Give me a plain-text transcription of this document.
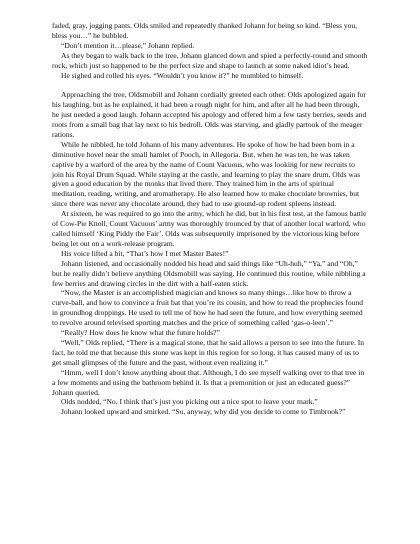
faded, gray, jogging pants. Olds smiled and repeatedly thanked Johann for being so kind. “Bless you, bless you…” he bubbled.

“Don’t mention it…please,” Johann replied.

As they began to walk back to the tree, Johann glanced down and spied a perfectly-round and smooth rock, which just so happened to be the perfect size and shape to launch at some naked idiot’s head.

He sighed and rolled his eyes. “Wouldn’t you know it?” he mumbled to himself.

Approaching the tree, Oldsmobill and Johann cordially greeted each other. Olds apologized again for his laughing, but as he explained, it had been a rough night for him, and after all he had been through, he just needed a good laugh. Johann accepted his apology and offered him a few tasty berries, seeds and roots from a small bag that lay next to his bedroll. Olds was starving, and gladly partook of the meager rations.

While he nibbled, he told Johann of his many adventures. He spoke of how he had been born in a diminutive hovel near the small hamlet of Pooch, in Allegoria. But, when he was ten, he was taken captive by a warlord of the area by the name of Count Vacuous, who was looking for new recruits to join his Royal Drum Squad. While staying at the castle, and learning to play the snare drum, Olds was given a good education by the monks that lived there. They trained him in the arts of spiritual meditation, reading, writing, and aromatherapy. He also learned how to make chocolate brownies, but since there was never any chocolate around, they had to use ground-up rodent spleens instead.

At sixteen, he was required to go into the army, which he did, but in his first test, at the famous battle of Cow-Pie Knoll, Count Vacuous’ army was thoroughly trounced by that of another local warlord, who called himself ‘King Piddy the Fair’. Olds was subsequently imprisoned by the victorious king before being let out on a work-release program.

His voice lifted a bit, “That’s how I met Master Bates!”

Johann listened, and occasionally nodded his head and said things like “Uh-huh,” “Ya,” and “Oh,” but he really didn’t believe anything Oldsmobill was saying. He continued this routine, while nibbling a few berries and drawing circles in the dirt with a half-eaten stick.

“Now, the Master is an accomplished magician and knows so many things…like how to throw a curve-ball, and how to convince a fruit bat that you’re its cousin, and how to read the prophecies found in groundhog droppings. He used to tell me of how he had seen the future, and how everything seemed to revolve around televised sporting matches and the price of something called ‘gas-o-leen’.”

“Really? How does he know what the future holds?”

“Well,” Olds replied, “There is a magical stone, that he said allows a person to see into the future. In fact, he told me that because this stone was kept in this region for so long, it has caused many of us to get small glimpses of the future and the past, without even realizing it.”

“Hmm, well I don’t know anything about that. Although, I do see myself walking over to that tree in a few moments and using the bathroom behind it. Is that a premonition or just an educated guess?” Johann queried.

Olds nodded, “No, I think that’s just you picking out a nice spot to leave your mark.”

Johann looked upward and smirked. “So, anyway, why did you decide to come to Timbrook?”
